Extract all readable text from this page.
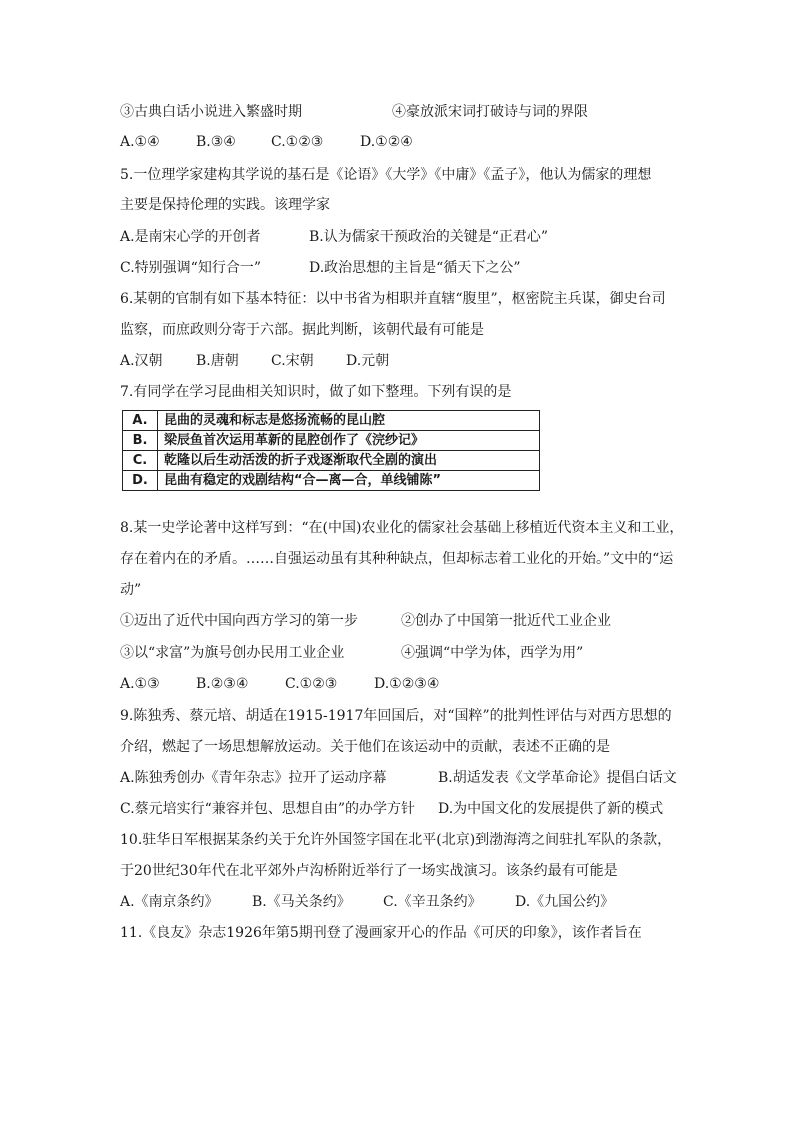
③古典白话小说进入繁盛时期	④豪放派宋词打破诗与词的界限
A.①④	B.③④	C.①②③	D.①②④
5.一位理学家建构其学说的基石是《论语》《大学》《中庸》《孟子》，他认为儒家的理想
主要是保持伦理的实践。该理学家
A.是南宋心学的开创者	B.认为儒家干预政治的关键是“正君心”
C.特别强调“知行合一”	D.政治思想的主旨是“循天下之公”
6.某朝的官制有如下基本特征：以中书省为相职并直辖“腹里”，枢密院主兵谋，御史台司
监察，而庶政则分寄于六部。据此判断，该朝代最有可能是
A.汉朝 B.唐朝 C.宋朝 D.元朝
7.有同学在学习昆曲相关知识时，做了如下整理。下列有误的是
A.	昆曲的灵魂和标志是悠扬流畅的昆山腔
B.	梁辰鱼首次运用革新的昆腔创作了《浣纱记》
C.	乾隆以后生动活泼的折子戏逐渐取代全剧的演出
D.	昆曲有稳定的戏剧结构“合—离—合，单线铺陈”
8.某一史学论著中这样写到：“在(中国)农业化的儒家社会基础上移植近代资本主义和工业，
存在着内在的矛盾。……自强运动虽有其种种缺点，但却标志着工业化的开始。”文中的“运
动”
①迈出了近代中国向西方学习的第一步	②创办了中国第一批近代工业企业
③以“求富”为旗号创办民用工业企业	④强调“中学为体，西学为用”
A.①③	B.②③④	C.①②③	D.①②③④
9.陈独秀、蔡元培、胡适在1915-1917年回国后，对“国粹”的批判性评估与对西方思想的
介绍，燃起了一场思想解放运动。关于他们在该运动中的贡献，表述不正确的是
A.陈独秀创办《青年杂志》拉开了运动序幕	B.胡适发表《文学革命论》提倡白话文
C.蔡元培实行“兼容并包、思想自由”的办学方针 D.为中国文化的发展提供了新的模式
10.驻华日军根据某条约关于允许外国签字国在北平(北京)到渤海湾之间驻扎军队的条款，
于20世纪30年代在北平郊外卢沟桥附近举行了一场实战演习。该条约最有可能是
A.《南京条约》 B.《马关条约》 C.《辛丑条约》 D.《九国公约》
11.《良友》杂志1926年第5期刊登了漫画家开心的作品《可厌的印象》，该作者旨在
